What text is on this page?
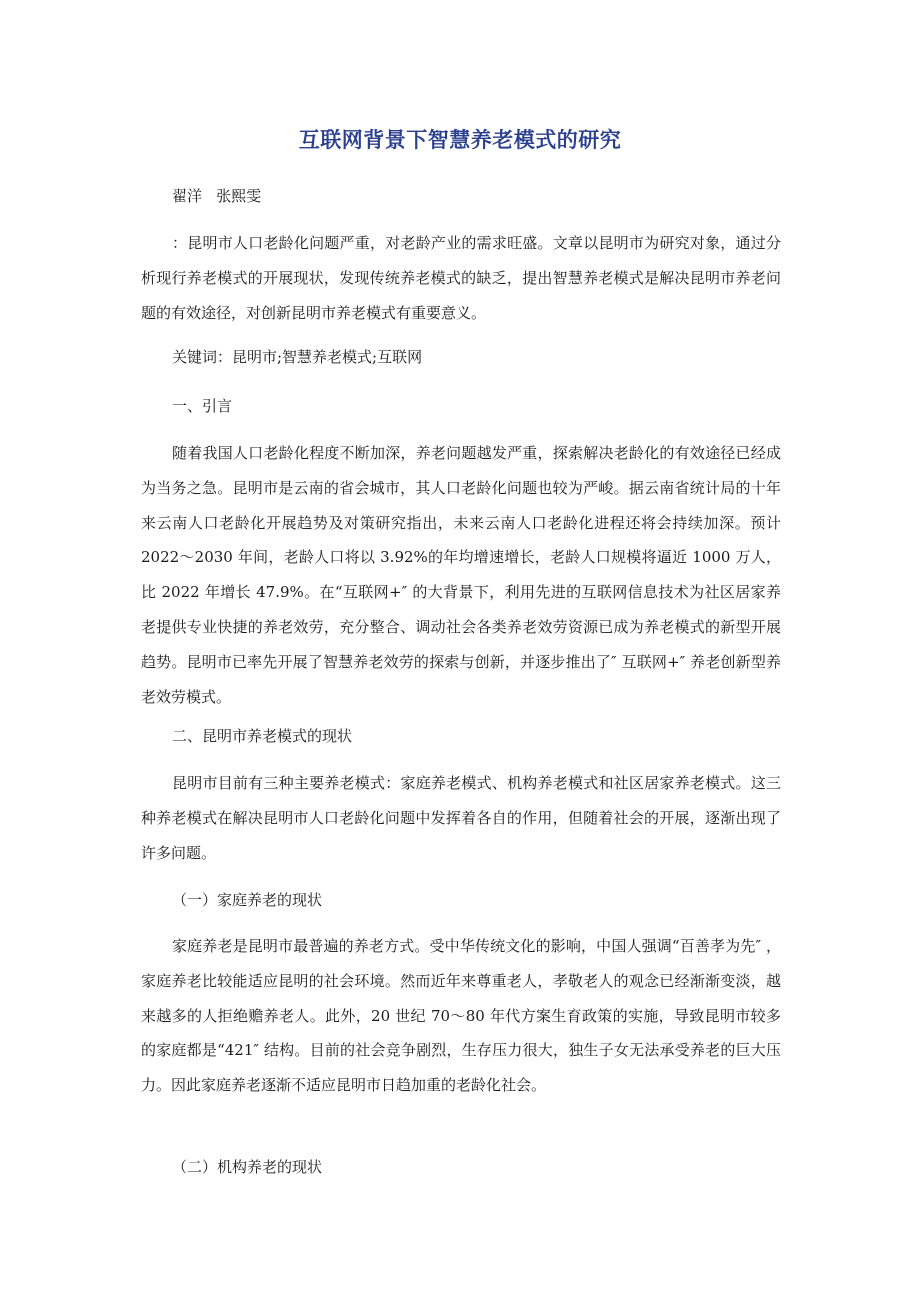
互联网背景下智慧养老模式的研究
翟洋   张熙雯

：昆明市人口老龄化问题严重，对老龄产业的需求旺盛。文章以昆明市为研究对象，通过分析现行养老模式的开展现状，发现传统养老模式的缺乏，提出智慧养老模式是解决昆明市养老问题的有效途径，对创新昆明市养老模式有重要意义。

关键词：昆明市;智慧养老模式;互联网

一、引言

随着我国人口老龄化程度不断加深，养老问题越发严重，探索解决老龄化的有效途径已经成为当务之急。昆明市是云南的省会城市，其人口老龄化问题也较为严峻。据云南省统计局的十年来云南人口老龄化开展趋势及对策研究指出，未来云南人口老龄化进程还将会持续加深。预计 2022～2030 年间，老龄人口将以 3.92%的年均增速增长，老龄人口规模将逼近 1000 万人，比 2022 年增长 47.9%。在“互联网+″ 的大背景下，利用先进的互联网信息技术为社区居家养老提供专业快捷的养老效劳，充分整合、调动社会各类养老效劳资源已成为养老模式的新型开展趋势。昆明市已率先开展了智慧养老效劳的探索与创新，并逐步推出了″ 互联网+″ 养老创新型养老效劳模式。

二、昆明市养老模式的现状

昆明市目前有三种主要养老模式：家庭养老模式、机构养老模式和社区居家养老模式。这三种养老模式在解决昆明市人口老龄化问题中发挥着各自的作用，但随着社会的开展，逐渐出现了许多问题。

（一）家庭养老的现状

家庭养老是昆明市最普遍的养老方式。受中华传统文化的影响，中国人强调“百善孝为先″ ，家庭养老比较能适应昆明的社会环境。然而近年来尊重老人，孝敬老人的观念已经渐渐变淡，越来越多的人拒绝赡养老人。此外，20 世纪 70～80 年代方案生育政策的实施，导致昆明市较多的家庭都是“421″ 结构。目前的社会竞争剧烈，生存压力很大，独生子女无法承受养老的巨大压力。因此家庭养老逐渐不适应昆明市日趋加重的老龄化社会。

（二）机构养老的现状
